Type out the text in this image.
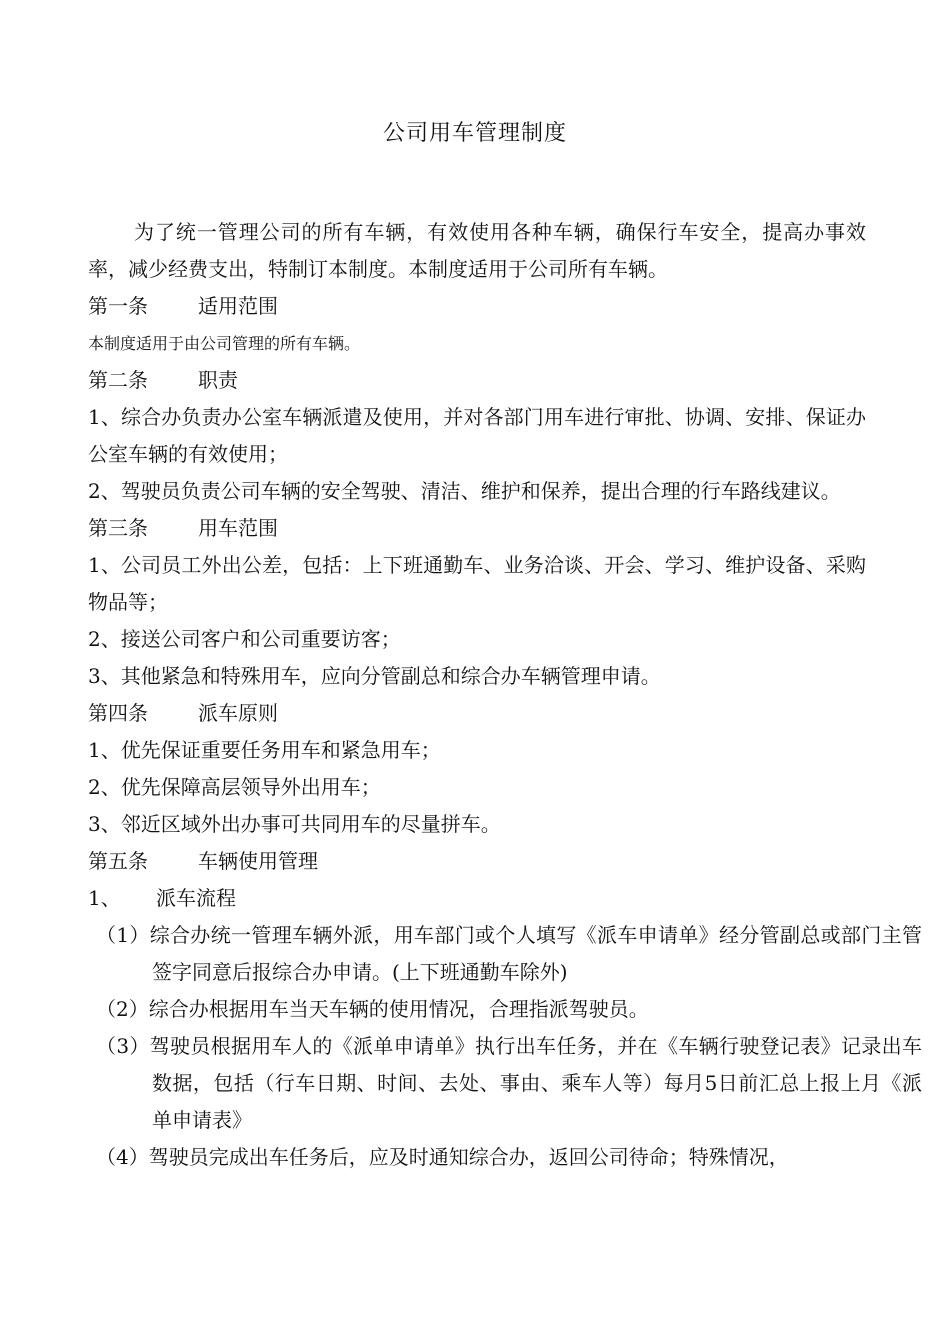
公司用车管理制度

为了统一管理公司的所有车辆，有效使用各种车辆，确保行车安全，提高办事效率，减少经费支出，特制订本制度。本制度适用于公司所有车辆。

第一条	适用范围

本制度适用于由公司管理的所有车辆。

第二条	职责

1、综合办负责办公室车辆派遣及使用，并对各部门用车进行审批、协调、安排、保证办公室车辆的有效使用；

2、驾驶员负责公司车辆的安全驾驶、清洁、维护和保养，提出合理的行车路线建议。

第三条	用车范围

1、公司员工外出公差，包括：上下班通勤车、业务洽谈、开会、学习、维护设备、采购物品等；

2、接送公司客户和公司重要访客；

3、其他紧急和特殊用车，应向分管副总和综合办车辆管理申请。

第四条	派车原则

1、优先保证重要任务用车和紧急用车；

2、优先保障高层领导外出用车；

3、邻近区域外出办事可共同用车的尽量拼车。

第五条	车辆使用管理

1、 派车流程

（1）综合办统一管理车辆外派，用车部门或个人填写《派车申请单》经分管副总或部门主管签字同意后报综合办申请。(上下班通勤车除外)

（2）综合办根据用车当天车辆的使用情况，合理指派驾驶员。

（3）驾驶员根据用车人的《派单申请单》执行出车任务，并在《车辆行驶登记表》记录出车数据，包括（行车日期、时间、去处、事由、乘车人等）每月5日前汇总上报上月《派单申请表》

（4）驾驶员完成出车任务后，应及时通知综合办，返回公司待命；特殊情况，
